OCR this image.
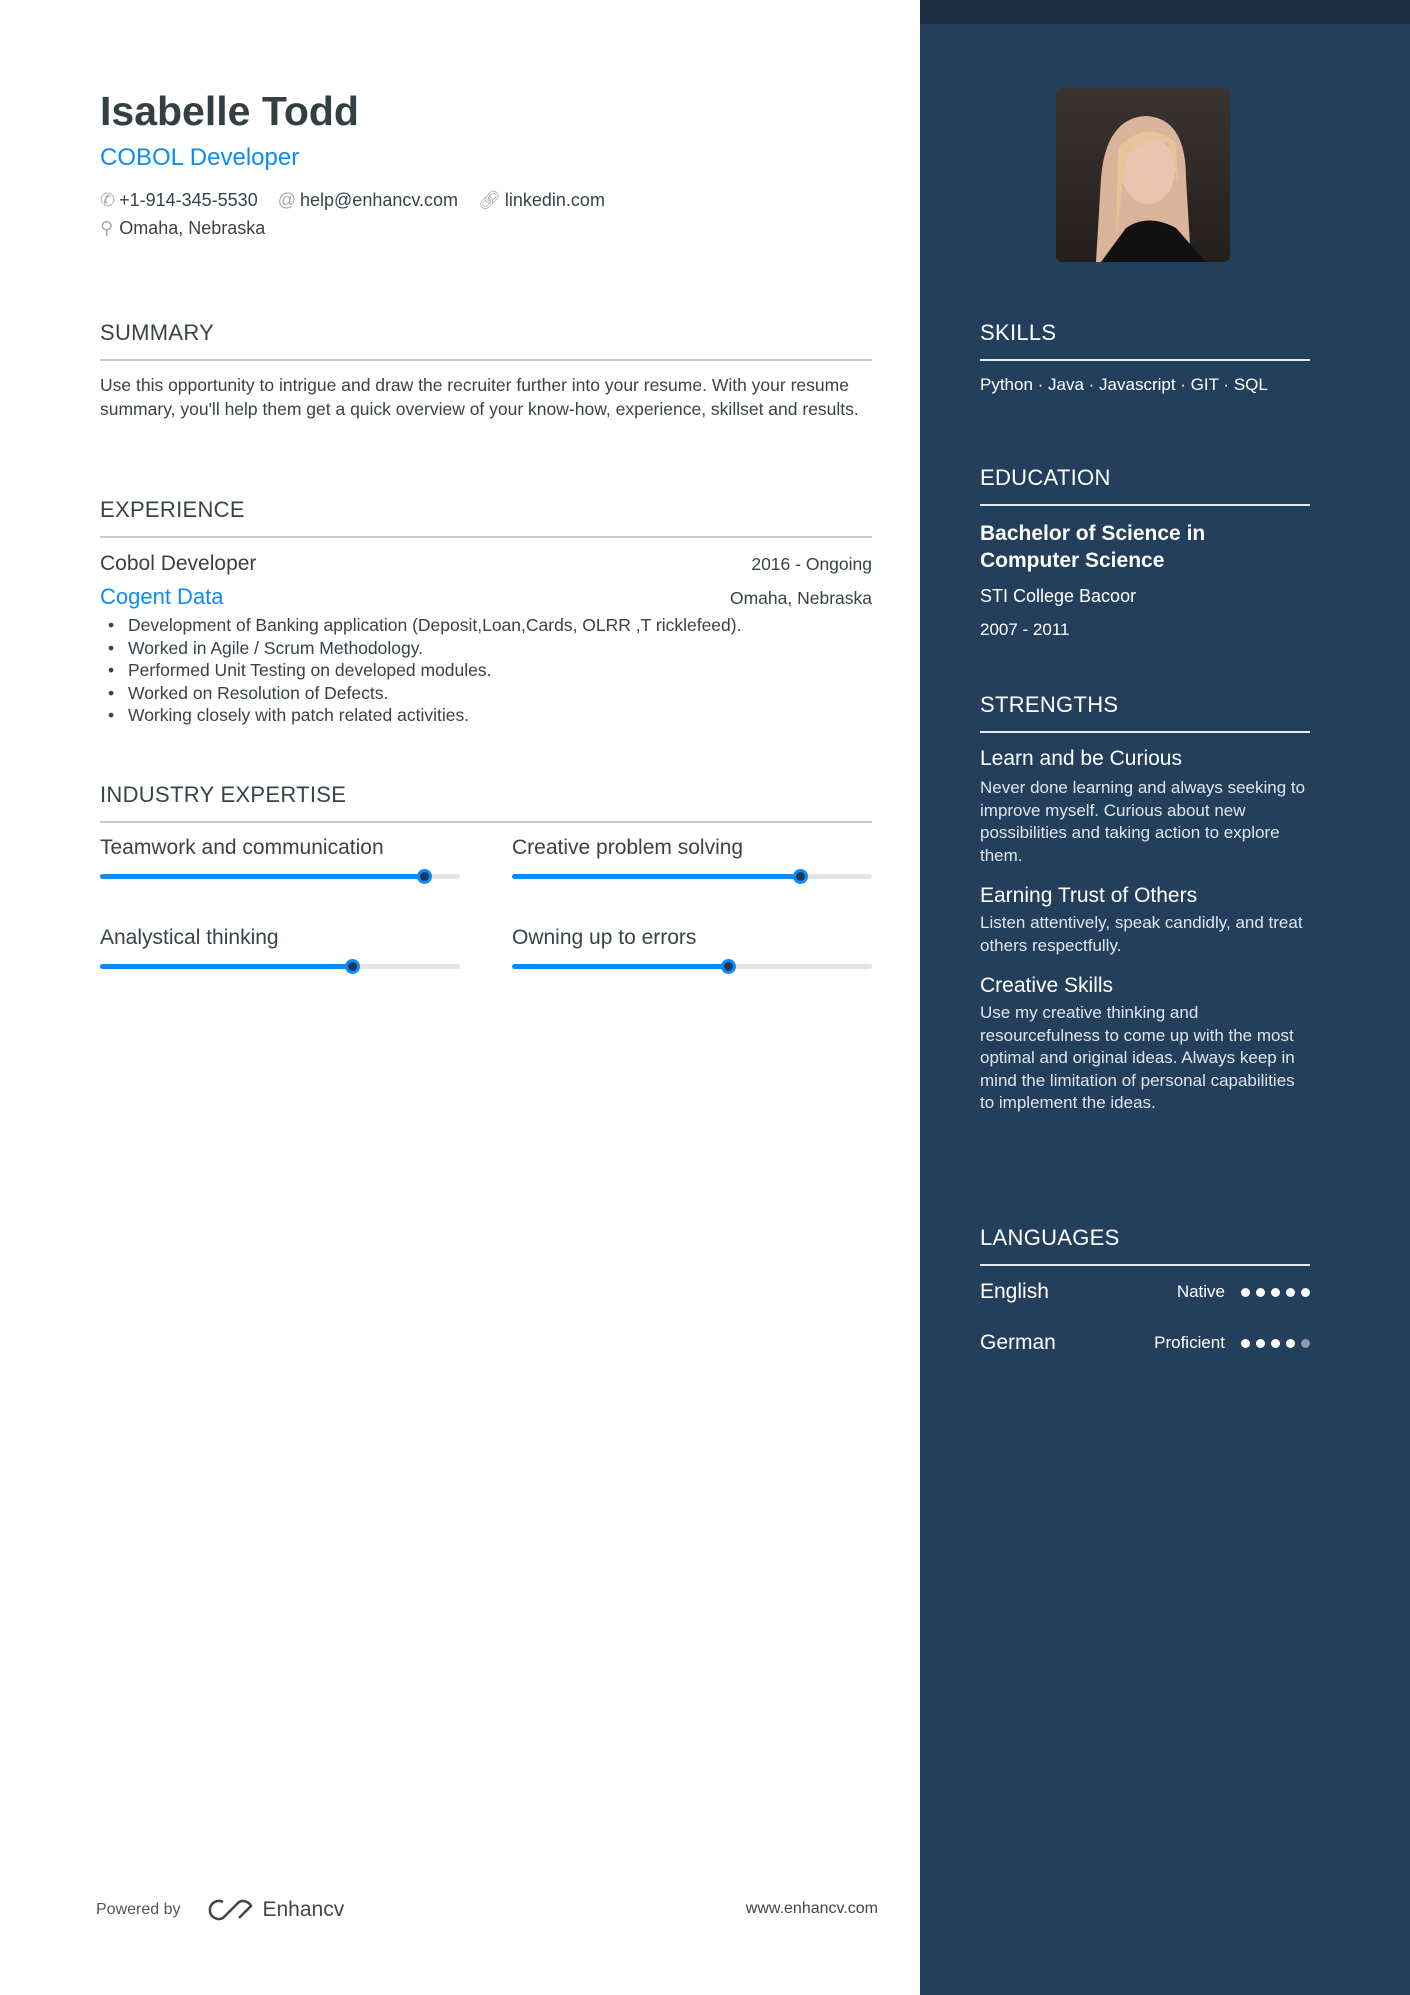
Isabelle Todd
COBOL Developer
✆ +1-914-345-5530 @ help@enhancv.com 🔗︎ linkedin.com
⚲ Omaha, Nebraska
SUMMARY
Use this opportunity to intrigue and draw the recruiter further into your resume. With your resume summary, you'll help them get a quick overview of your know-how, experience, skillset and results.
EXPERIENCE
Cobol Developer	2016 - Ongoing
Cogent Data	Omaha, Nebraska
• Development of Banking application (Deposit,Loan,Cards, OLRR ,T ricklefeed).
• Worked in Agile / Scrum Methodology.
• Performed Unit Testing on developed modules.
• Worked on Resolution of Defects.
• Working closely with patch related activities.
INDUSTRY EXPERTISE
Teamwork and communication	Creative problem solving
Analystical thinking	Owning up to errors
Powered by	Enhancv	www.enhancv.com
SKILLS
Python · Java · Javascript · GIT · SQL
EDUCATION
Bachelor of Science in Computer Science
STI College Bacoor
2007 - 2011
STRENGTHS
Learn and be Curious
Never done learning and always seeking to improve myself. Curious about new possibilities and taking action to explore them.
Earning Trust of Others
Listen attentively, speak candidly, and treat others respectfully.
Creative Skills
Use my creative thinking and resourcefulness to come up with the most optimal and original ideas. Always keep in mind the limitation of personal capabilities to implement the ideas.
LANGUAGES
English	Native
German	Proficient
